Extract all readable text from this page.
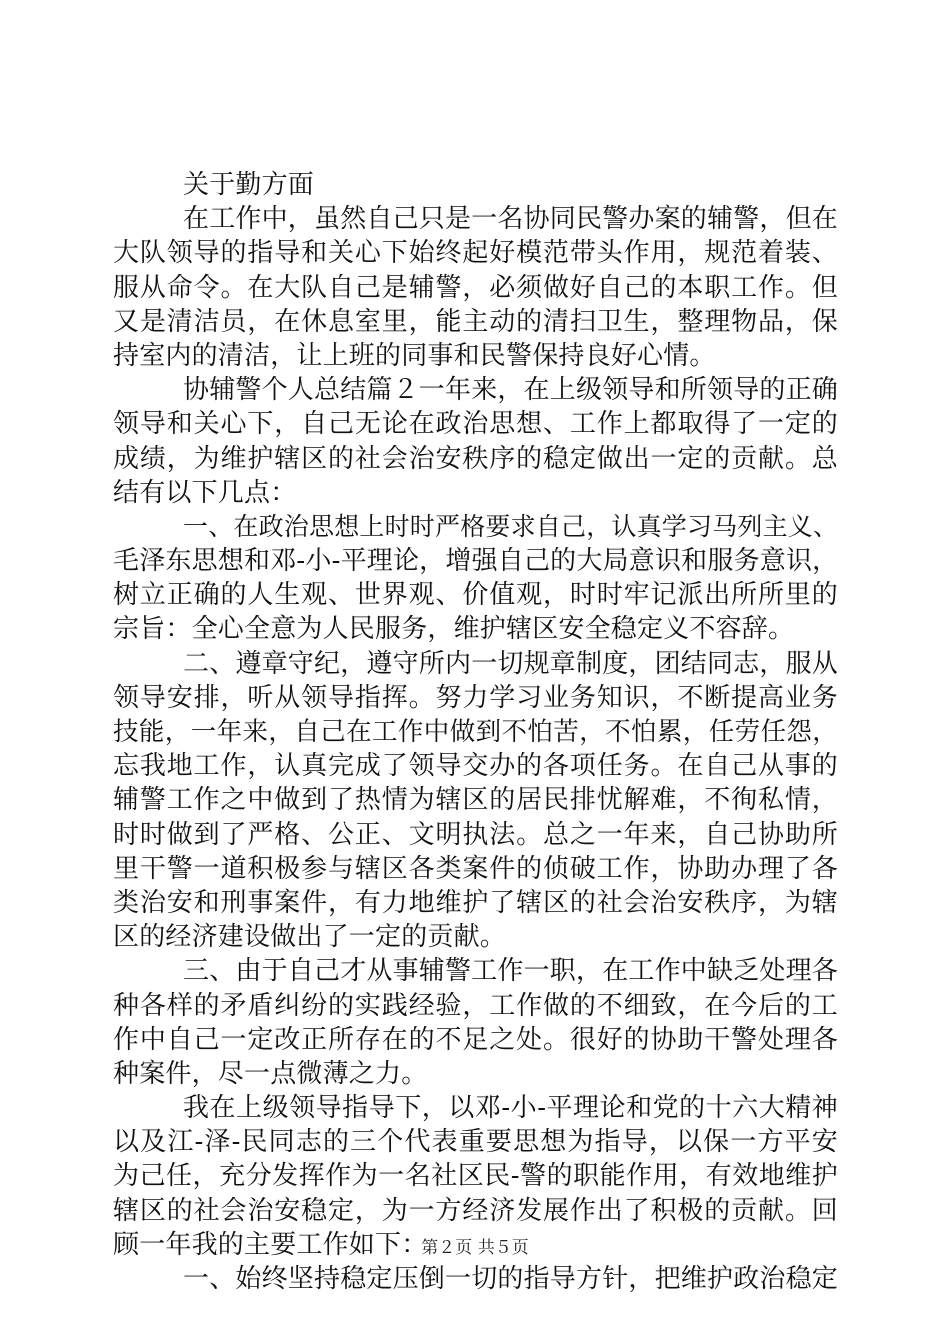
关于勤方面
在工作中，虽然自己只是一名协同民警办案的辅警，但在
大队领导的指导和关心下始终起好模范带头作用，规范着装、
服从命令。在大队自己是辅警，必须做好自己的本职工作。但
又是清洁员，在休息室里，能主动的清扫卫生，整理物品，保
持室内的清洁，让上班的同事和民警保持良好心情。
协辅警个人总结篇２一年来，在上级领导和所领导的正确
领导和关心下，自己无论在政治思想、工作上都取得了一定的
成绩，为维护辖区的社会治安秩序的稳定做出一定的贡献。总
结有以下几点：
一、在政治思想上时时严格要求自己，认真学习马列主义、
毛泽东思想和邓-小-平理论，增强自己的大局意识和服务意识，
树立正确的人生观、世界观、价值观，时时牢记派出所所里的
宗旨：全心全意为人民服务，维护辖区安全稳定义不容辞。
二、遵章守纪，遵守所内一切规章制度，团结同志，服从
领导安排，听从领导指挥。努力学习业务知识，不断提高业务
技能，一年来，自己在工作中做到不怕苦，不怕累，任劳任怨，
忘我地工作，认真完成了领导交办的各项任务。在自己从事的
辅警工作之中做到了热情为辖区的居民排忧解难，不徇私情，
时时做到了严格、公正、文明执法。总之一年来，自己协助所
里干警一道积极参与辖区各类案件的侦破工作，协助办理了各
类治安和刑事案件，有力地维护了辖区的社会治安秩序，为辖
区的经济建设做出了一定的贡献。
三、由于自己才从事辅警工作一职，在工作中缺乏处理各
种各样的矛盾纠纷的实践经验，工作做的不细致，在今后的工
作中自己一定改正所存在的不足之处。很好的协助干警处理各
种案件，尽一点微薄之力。
我在上级领导指导下，以邓-小-平理论和党的十六大精神
以及江-泽-民同志的三个代表重要思想为指导，以保一方平安
为己任，充分发挥作为一名社区民-警的职能作用，有效地维护
辖区的社会治安稳定，为一方经济发展作出了积极的贡献。回
顾一年我的主要工作如下：
一、始终坚持稳定压倒一切的指导方针，把维护政治稳定
第２页 共５页
